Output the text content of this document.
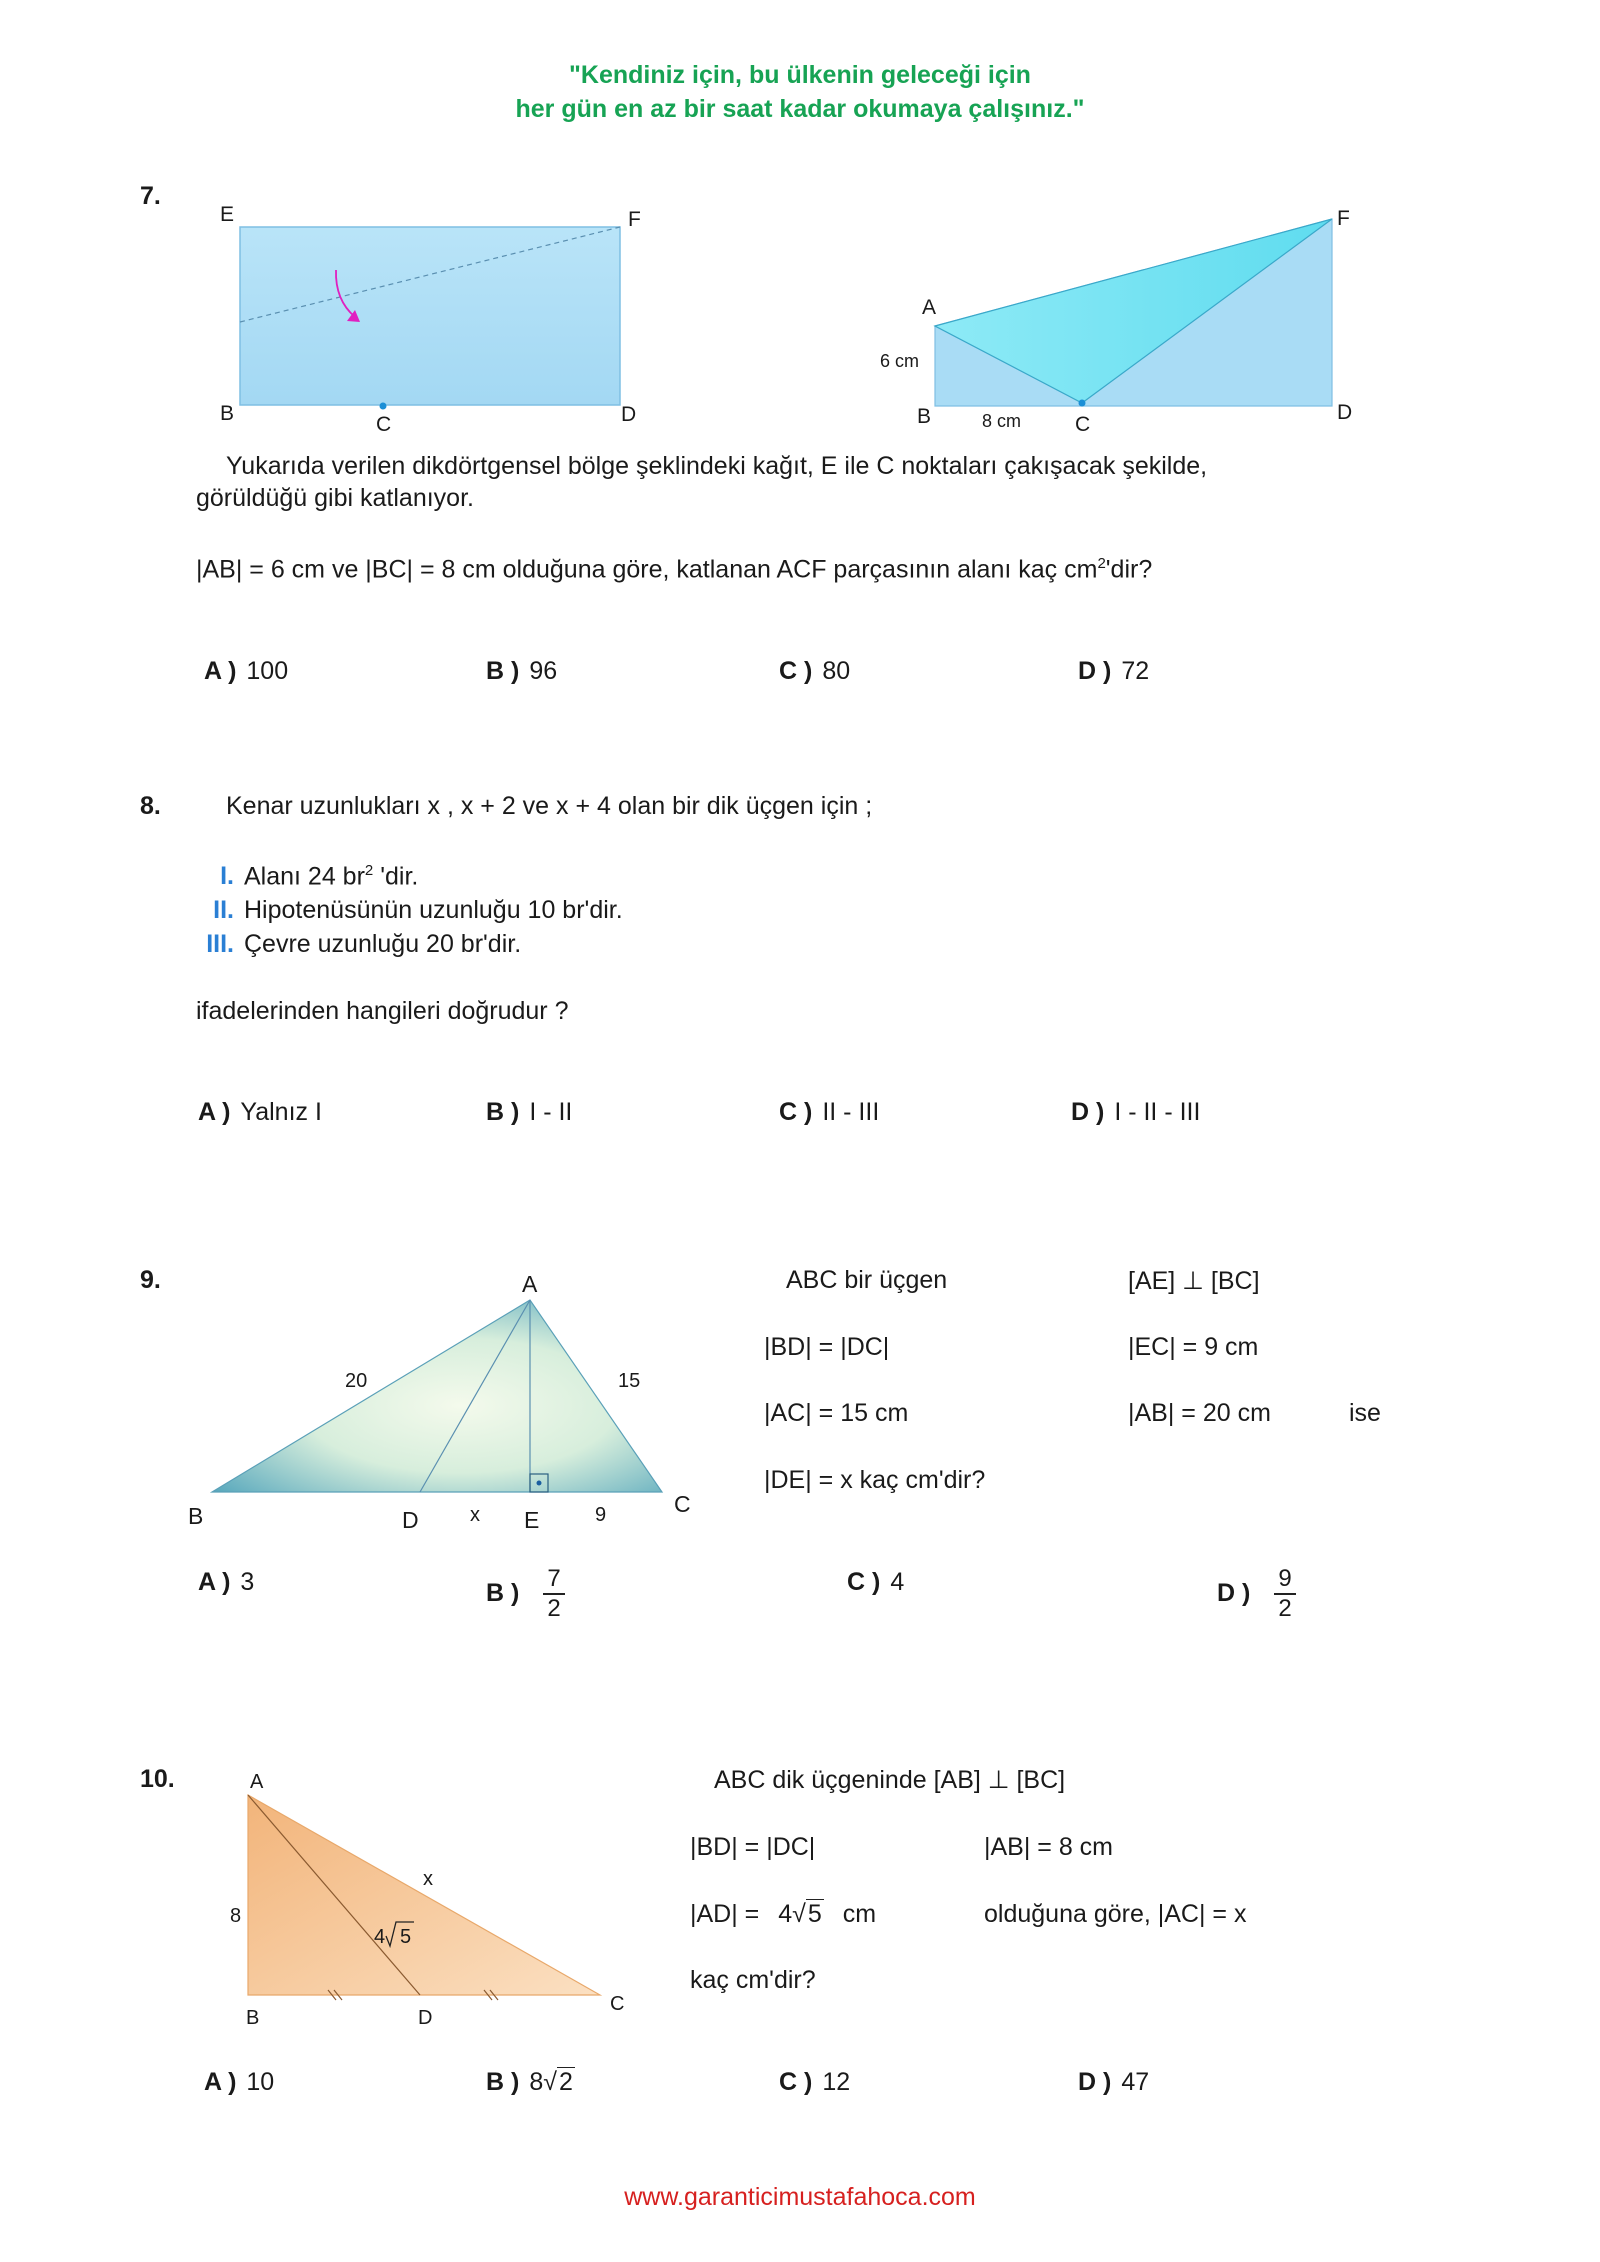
"Kendiniz için, bu ülkenin geleceği için
her gün en az bir saat kadar okumaya çalışınız."
7.
E	F
B	C	D
A
F
B	C
D
6 cm
8 cm
Yukarıda verilen dikdörtgensel bölge şeklindeki kağıt, E ile C noktaları çakışacak şekilde,
görüldüğü gibi katlanıyor.
|AB| = 6 cm ve |BC| = 8 cm olduğuna göre, katlanan ACF parçasının alanı kaç $cm^2'dir$?
A ) 100	B ) 96	C ) 80	D ) 72
8.	Kenar uzunlukları x , x + 2 ve x + 4 olan bir dik üçgen için ;
I. Alanı 24 $br^2$ 'dir.
II. Hipotenüsünün uzunluğu 10 br'dir.
III. Çevre uzunluğu 20 br'dir.
ifadelerinden hangileri doğrudur ?
A ) Yalnız I	B ) I - II	C ) II - III	D ) I - II - III
9.	A
B	C
D	E
x	9
20	15
ABC bir üçgen
|BD| = |DC|
|AC| = 15 cm
|DE| = x kaç cm'dir?
[AE] ⊥ [BC]
|EC| = 9 cm
|AB| = 20 cm	ise
A ) 3	B ) $\frac{7}{2}$	C ) 4	D ) $\frac{9}{2}$
10.	A
B
C
D
x
8
4 5
ABC dik üçgeninde [AB] ⊥ [BC]
|BD| = |DC|	|AB| = 8 cm
|AD| = 4√5 cm	olduğuna göre, |AC| = x
kaç cm'dir?
A ) 10	B ) 8√2	C ) 12	D ) 47
www.garanticimustafahoca.com
